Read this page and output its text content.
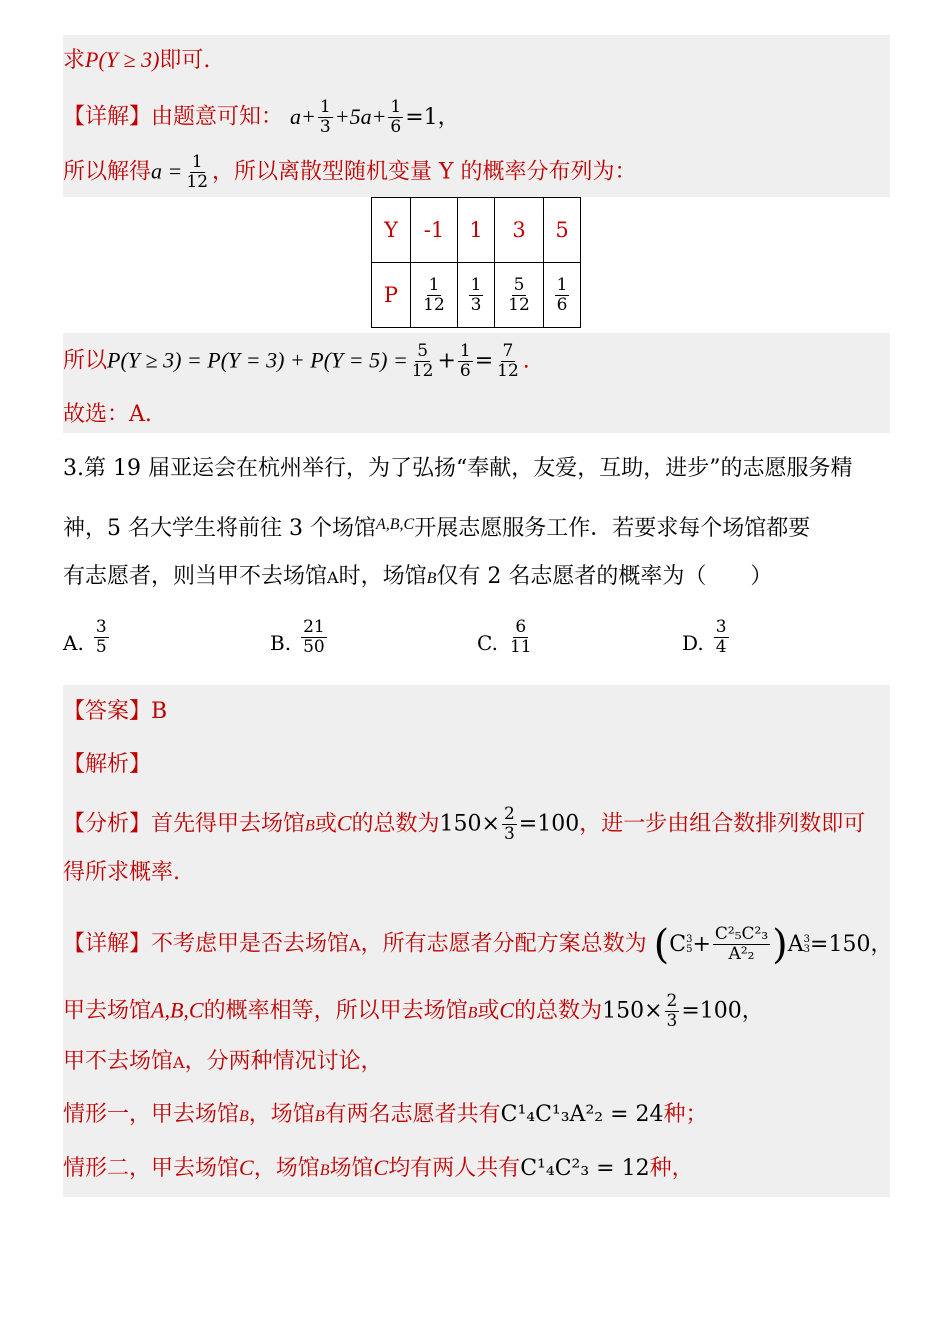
求P(Y ≥ 3)即可.
【详解】由题意可知： $a+ \frac{1}{3} +5a+ \frac{1}{6} =1$，
所以解得$a = \frac{1}{12}$ ，所以离散型随机变量 Y 的概率分布列为：
Y	-1	1	3	5
P	$\frac{1}{12}$	$\frac{1}{3}$	$\frac{5}{12}$	$\frac{1}{6}$
所以$P(Y \ge 3) = P(Y = 3) + P(Y = 5) = \frac{5}{12} + \frac{1}{6} = \frac{7}{12}$ .
故选：A.
3.第 19 届亚运会在杭州举行，为了弘扬“奉献，友爱，互助，进步”的志愿服务精
神，5 名大学生将前往 3 个场馆$^{A,B,C}$开展志愿服务工作．若要求每个场馆都要
有志愿者，则当甲不去场馆A时，场馆B仅有 2 名志愿者的概率为（　　）
A. $\frac{3}{5}$	B. $\frac{21}{50}$	C. $\frac{6}{11}$	D. $\frac{3}{4}$
【答案】B
【解析】
【分析】首先得甲去场馆B或C的总数为$150\times \frac{2}{3} =100$，进一步由组合数排列数即可
得所求概率.
【详解】不考虑甲是否去场馆A，所有志愿者分配方案总数为 (C 3
$5 + \frac{\text{C²₅C²₃}}{\text{A²₂}} )A$ 3
3 =150，
甲去场馆A,B,C的概率相等，所以甲去场馆B或C的总数为$150\times \frac{2}{3} =100$，
甲不去场馆A，分两种情况讨论，
情形一，甲去场馆B，场馆B有两名志愿者共有C¹₄C¹₃A²₂ = 24种；
情形二，甲去场馆C，场馆B场馆C均有两人共有C¹₄C²₃ = 12种，
